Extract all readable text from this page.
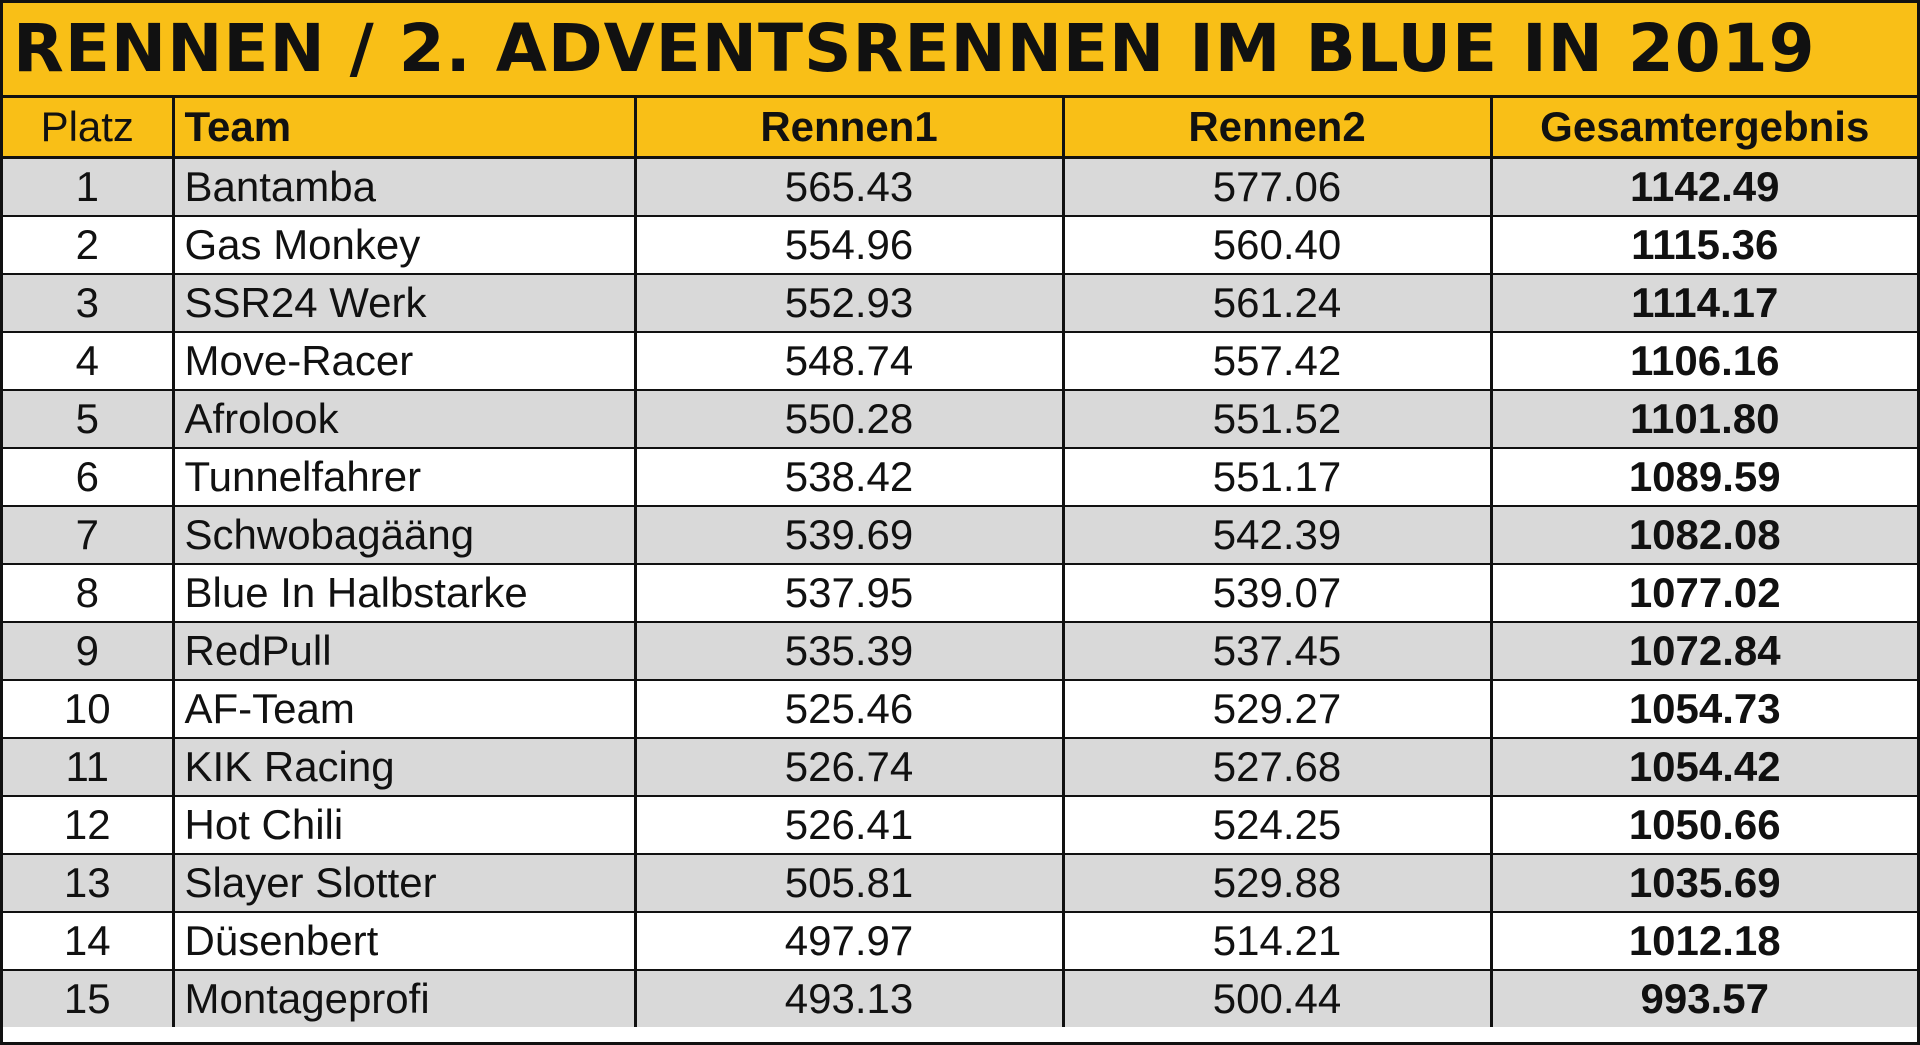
RENNEN / 2. ADVENTSRENNEN IM BLUE IN 2019
Platz	Team	Rennen1	Rennen2	Gesamtergebnis
1	Bantamba	565.43	577.06	1142.49
2	Gas Monkey	554.96	560.40	1115.36
3	SSR24 Werk	552.93	561.24	1114.17
4	Move-Racer	548.74	557.42	1106.16
5	Afrolook	550.28	551.52	1101.80
6	Tunnelfahrer	538.42	551.17	1089.59
7	Schwobagääng	539.69	542.39	1082.08
8	Blue In Halbstarke	537.95	539.07	1077.02
9	RedPull	535.39	537.45	1072.84
10	AF-Team	525.46	529.27	1054.73
11	KIK Racing	526.74	527.68	1054.42
12	Hot Chili	526.41	524.25	1050.66
13	Slayer Slotter	505.81	529.88	1035.69
14	Düsenbert	497.97	514.21	1012.18
15	Montageprofi	493.13	500.44	993.57
